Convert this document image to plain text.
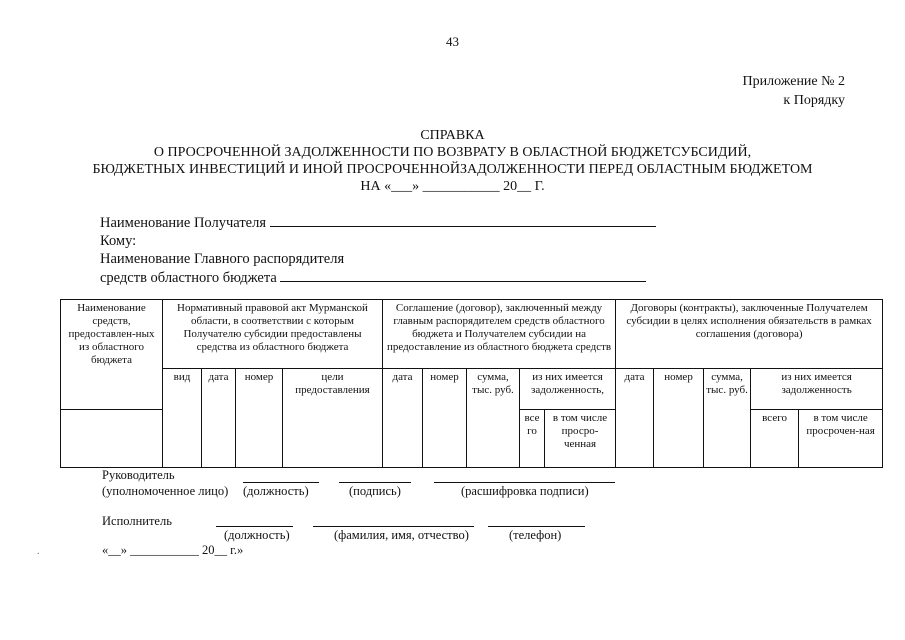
43
Приложение № 2
к Порядку
СПРАВКА
О ПРОСРОЧЕННОЙ ЗАДОЛЖЕННОСТИ ПО ВОЗВРАТУ В ОБЛАСТНОЙ БЮДЖЕТСУБСИДИЙ,
БЮДЖЕТНЫХ ИНВЕСТИЦИЙ И ИНОЙ ПРОСРОЧЕННОЙЗАДОЛЖЕННОСТИ ПЕРЕД ОБЛАСТНЫМ БЮДЖЕТОМ
НА «___» ___________ 20__ Г.
Наименование Получателя
Кому:
Наименование Главного распорядителя
средств областного бюджета
Наименование средств, предоставлен-ных из областного бюджета	Нормативный правовой акт Мурманской области, в соответствии с которым Получателю субсидии предоставлены средства из областного бюджета				Соглашение (договор), заключенный между главным распорядителем средств областного бюджета и Получателем субсидии на предоставление из областного бюджета средств					Договоры (контракты), заключенные Получателем субсидии в целях исполнения обязательств в рамках соглашения (договора)				
	вид	дата	номер	цели предоставления	дата	номер	сумма, тыс. руб.	из них имеется задолженность,		дата	номер	сумма, тыс. руб.	из них имеется задолженность	
								все го	в том числе просро-ченная				всего	в том числе просрочен-ная
Руководитель
(уполномоченное лицо) (должность)	(подпись)	(расшифровка подписи)
Исполнитель
(должность)	(фамилия, имя, отчество)	(телефон)
«__» ___________ 20__ г.»
.
